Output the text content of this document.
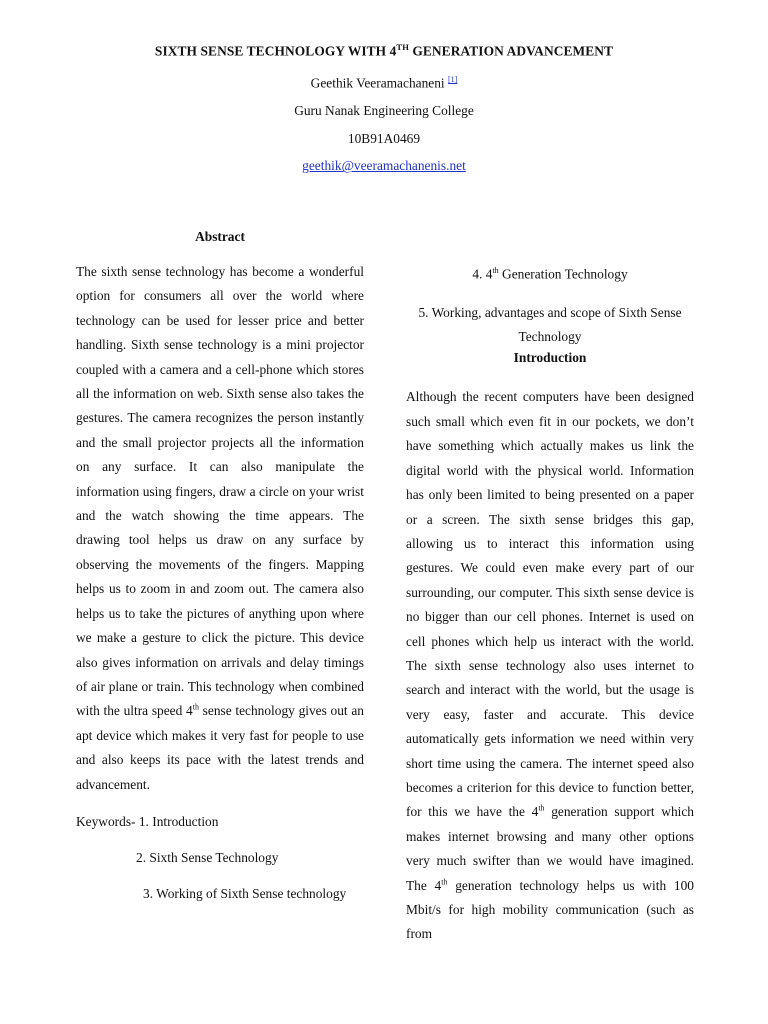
SIXTH SENSE TECHNOLOGY WITH 4TH GENERATION ADVANCEMENT
Geethik Veeramachaneni [1]
Guru Nanak Engineering College
10B91A0469
geethik@veeramachanenis.net
Abstract

The sixth sense technology has become a wonderful option for consumers all over the world where technology can be used for lesser price and better handling. Sixth sense technology is a mini projector coupled with a camera and a cell-phone which stores all the information on web. Sixth sense also takes the gestures. The camera recognizes the person instantly and the small projector projects all the information on any surface. It can also manipulate the information using fingers, draw a circle on your wrist and the watch showing the time appears. The drawing tool helps us draw on any surface by observing the movements of the fingers. Mapping helps us to zoom in and zoom out. The camera also helps us to take the pictures of anything upon where we make a gesture to click the picture. This device also gives information on arrivals and delay timings of air plane or train. This technology when combined with the ultra speed 4th sense technology gives out an apt device which makes it very fast for people to use and also keeps its pace with the latest trends and advancement.

Keywords- 1. Introduction
2. Sixth Sense Technology
3. Working of Sixth Sense technology
4. 4th Generation Technology
5. Working, advantages and scope of Sixth Sense Technology
Introduction

Although the recent computers have been designed such small which even fit in our pockets, we don’t have something which actually makes us link the digital world with the physical world. Information has only been limited to being presented on a paper or a screen. The sixth sense bridges this gap, allowing us to interact this information using gestures. We could even make every part of our surrounding, our computer. This sixth sense device is no bigger than our cell phones. Internet is used on cell phones which help us interact with the world. The sixth sense technology also uses internet to search and interact with the world, but the usage is very easy, faster and accurate. This device automatically gets information we need within very short time using the camera. The internet speed also becomes a criterion for this device to function better, for this we have the 4th generation support which makes internet browsing and many other options very much swifter than we would have imagined. The 4th generation technology helps us with 100 Mbit/s for high mobility communication (such as from
